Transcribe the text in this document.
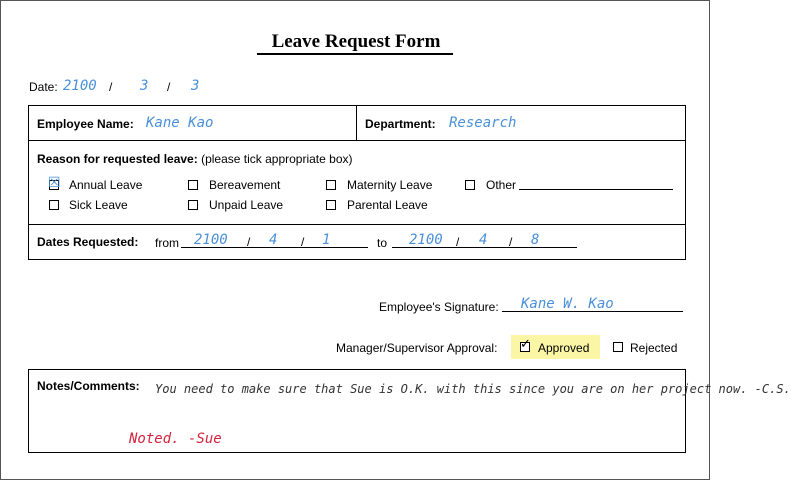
Leave Request Form
Date: 2100 / 3 / 3
Employee Name: Kane Kao	Department: Research
Reason for requested leave: (please tick appropriate box)
☒ Annual Leave	Bereavement	Maternity Leave	Other
Sick Leave	Unpaid Leave	Parental Leave
Dates Requested: from 2100 / 4 / 1	to 2100 / 4 / 8
Employee's Signature: Kane W. Kao
Manager/Supervisor Approval: ✓ Approved	Rejected
Notes/Comments: You need to make sure that Sue is O.K. with this since you are on her project now. -C.S.
Noted. -Sue
